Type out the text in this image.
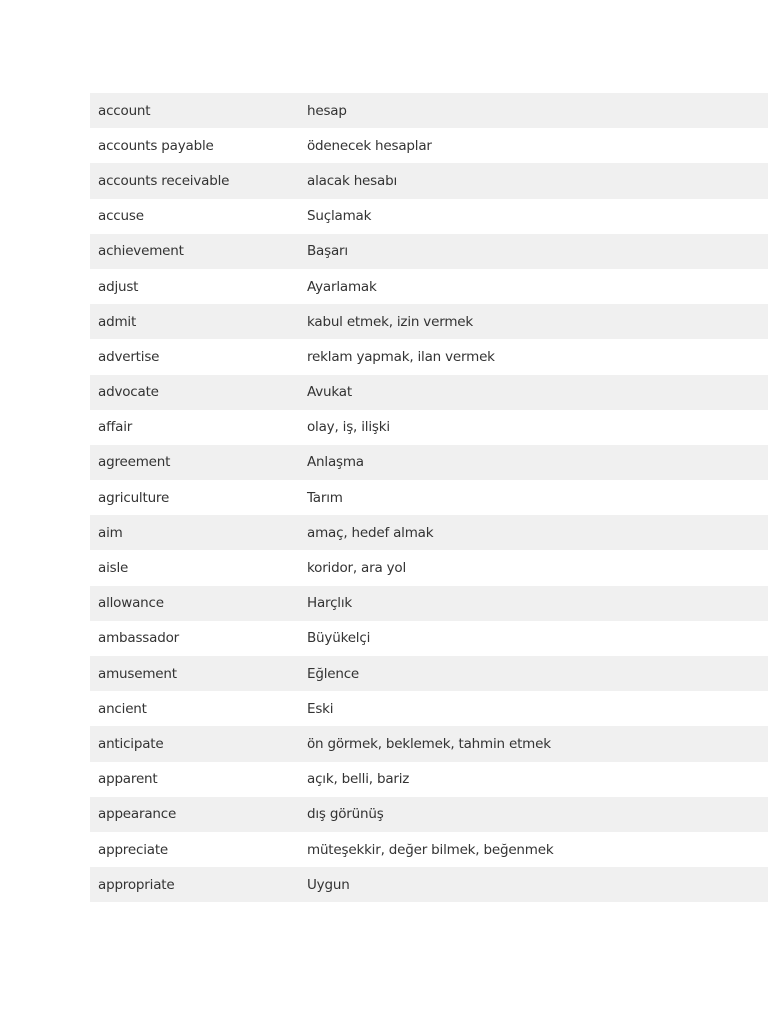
account	hesap
accounts payable	ödenecek hesaplar
accounts receivable	alacak hesabı
accuse	Suçlamak
achievement	Başarı
adjust	Ayarlamak
admit	kabul etmek, izin vermek
advertise	reklam yapmak, ilan vermek
advocate	Avukat
affair	olay, iş, ilişki
agreement	Anlaşma
agriculture	Tarım
aim	amaç, hedef almak
aisle	koridor, ara yol
allowance	Harçlık
ambassador	Büyükelçi
amusement	Eğlence
ancient	Eski
anticipate	ön görmek, beklemek, tahmin etmek
apparent	açık, belli, bariz
appearance	dış görünüş
appreciate	müteşekkir, değer bilmek, beğenmek
appropriate	Uygun
